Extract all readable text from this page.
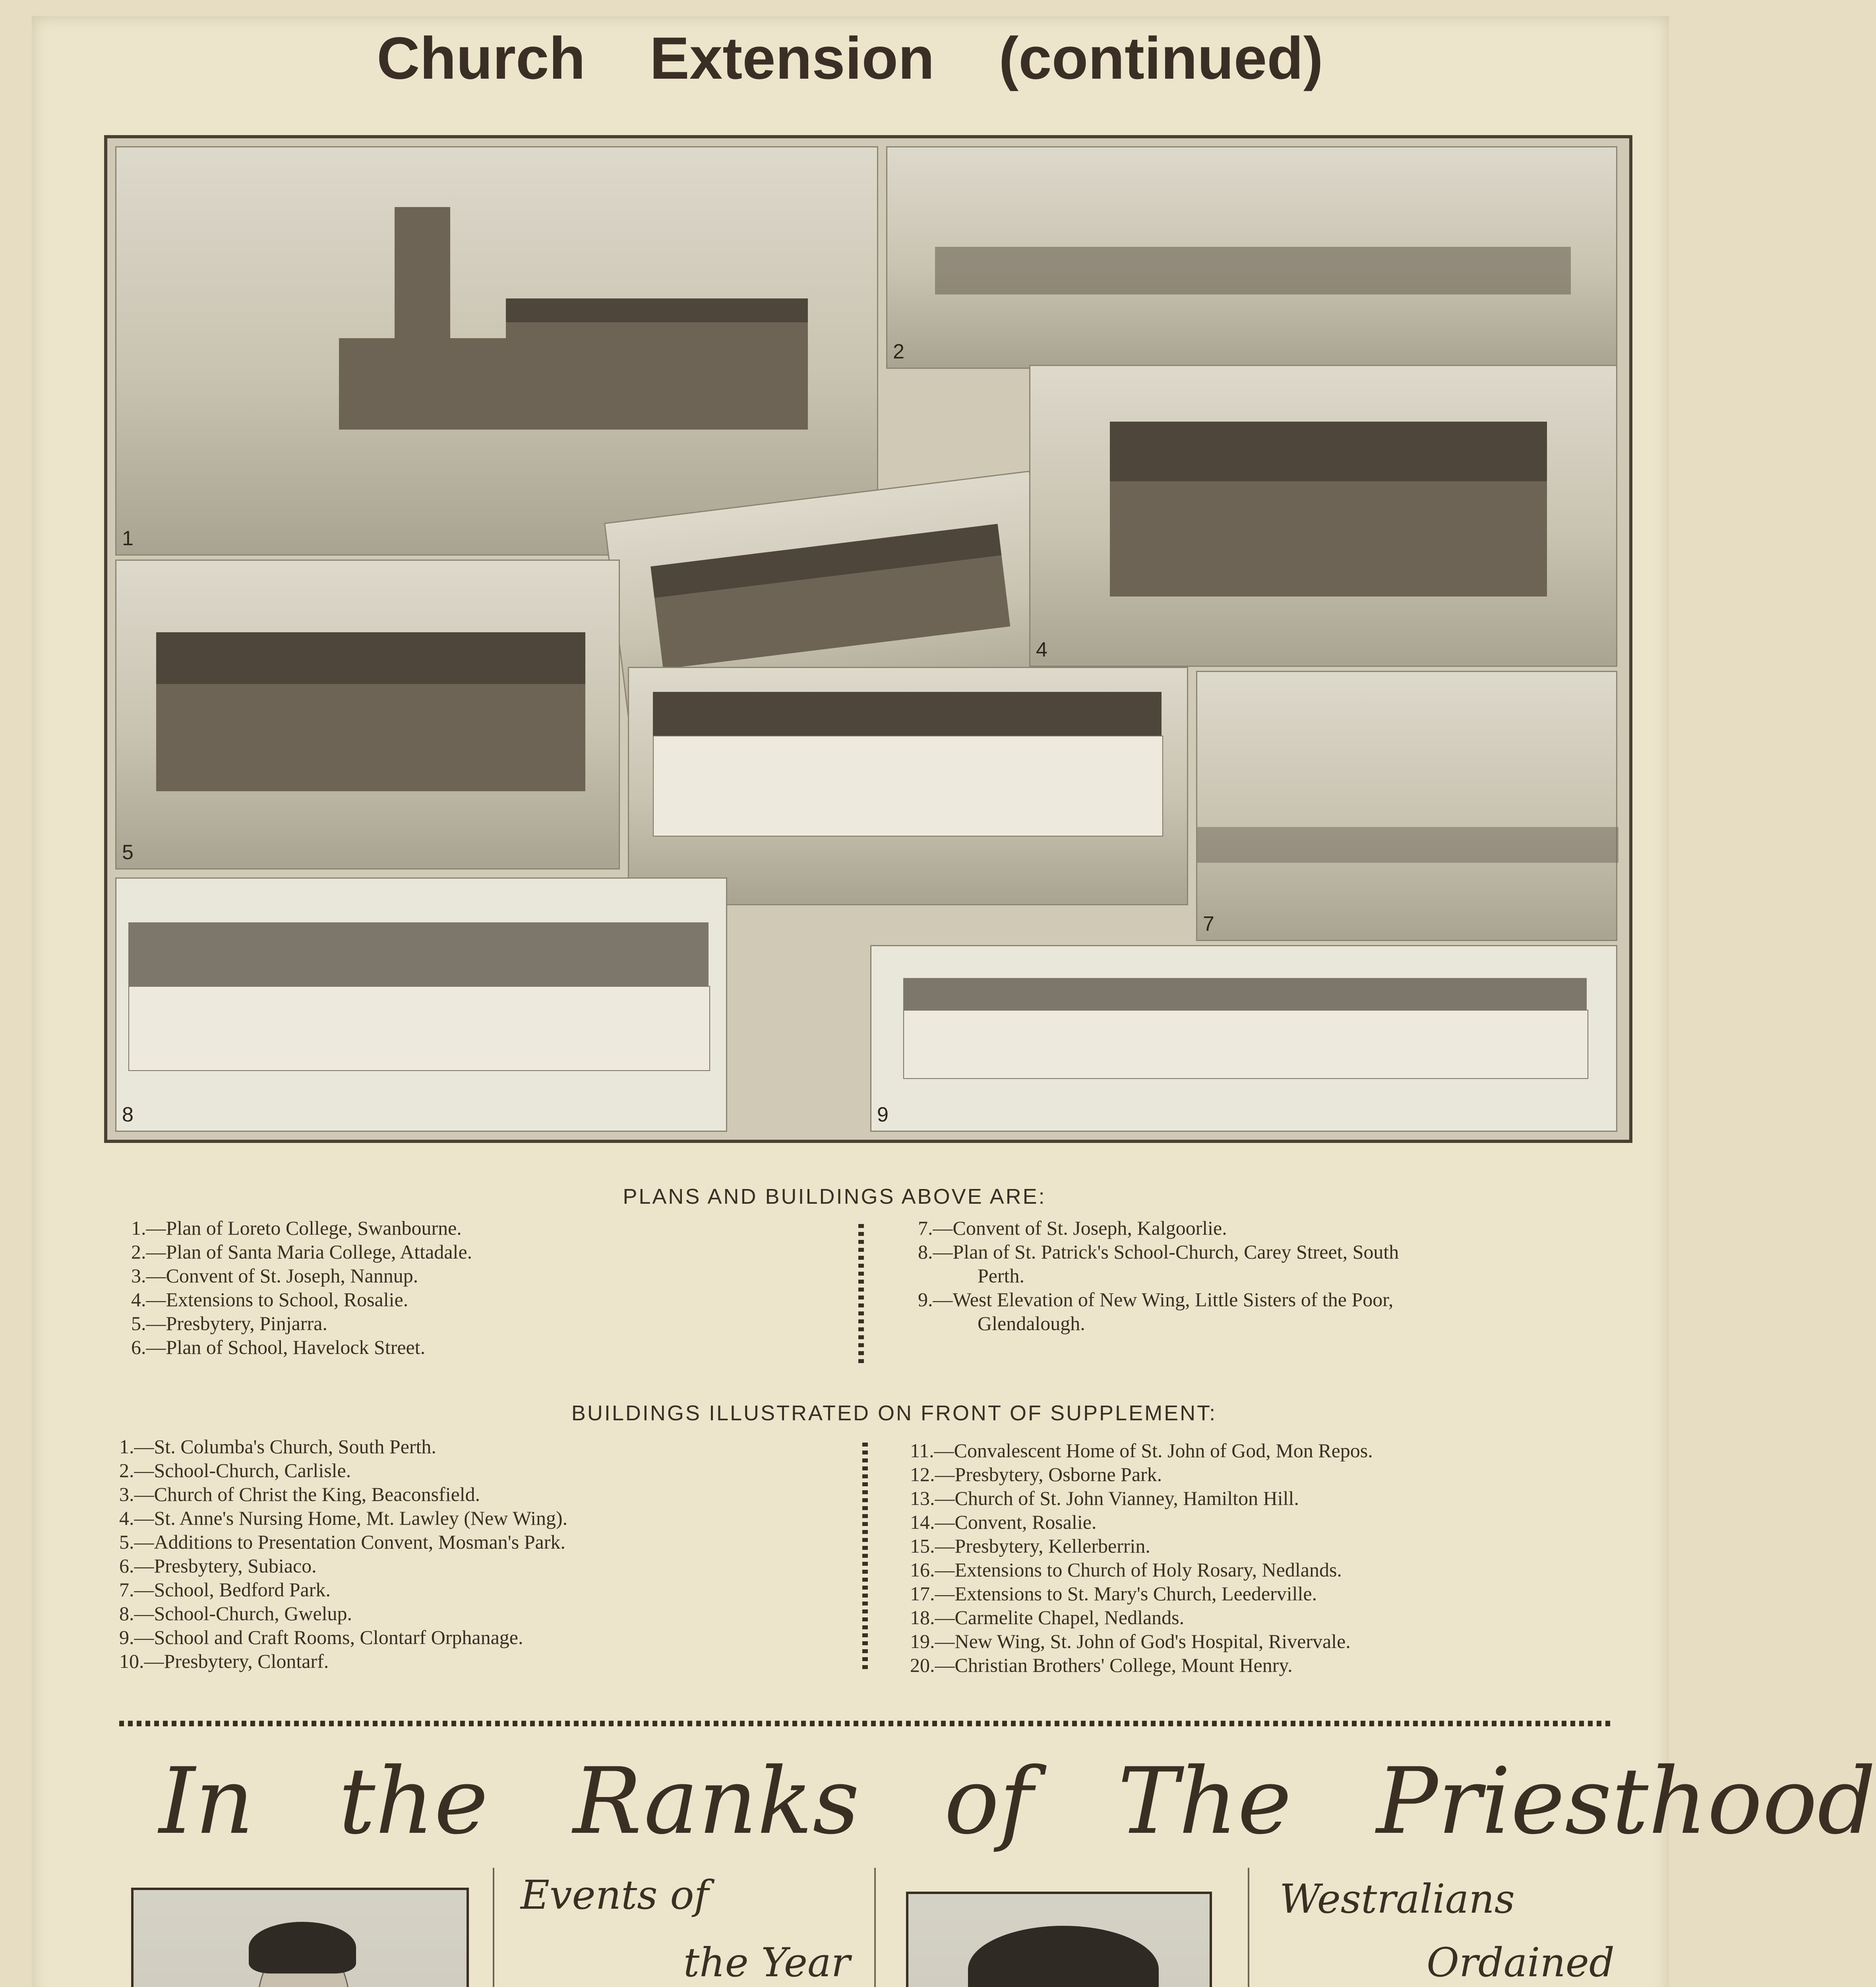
Church Extension (continued)
1
2
4
5
7
8	9
PLANS AND BUILDINGS ABOVE ARE:
1.—Plan of Loreto College, Swanbourne.
2.—Plan of Santa Maria College, Attadale.
3.—Convent of St. Joseph, Nannup.
4.—Extensions to School, Rosalie.
5.—Presbytery, Pinjarra.
6.—Plan of School, Havelock Street.
7.—Convent of St. Joseph, Kalgoorlie.
8.—Plan of St. Patrick's School-Church, Carey Street, South
Perth.
9.—West Elevation of New Wing, Little Sisters of the Poor,
Glendalough.
BUILDINGS ILLUSTRATED ON FRONT OF SUPPLEMENT:
1.—St. Columba's Church, South Perth.
2.—School-Church, Carlisle.
3.—Church of Christ the King, Beaconsfield.
4.—St. Anne's Nursing Home, Mt. Lawley (New Wing).
5.—Additions to Presentation Convent, Mosman's Park.
6.—Presbytery, Subiaco.
7.—School, Bedford Park.
8.—School-Church, Gwelup.
9.—School and Craft Rooms, Clontarf Orphanage.
10.—Presbytery, Clontarf.
11.—Convalescent Home of St. John of God, Mon Repos.
12.—Presbytery, Osborne Park.
13.—Church of St. John Vianney, Hamilton Hill.
14.—Convent, Rosalie.
15.—Presbytery, Kellerberrin.
16.—Extensions to Church of Holy Rosary, Nedlands.
17.—Extensions to St. Mary's Church, Leederville.
18.—Carmelite Chapel, Nedlands.
19.—New Wing, St. John of God's Hospital, Rivervale.
20.—Christian Brothers' College, Mount Henry.
In the Ranks of The Priesthood
Events of
the Year
Westralians
Ordained
